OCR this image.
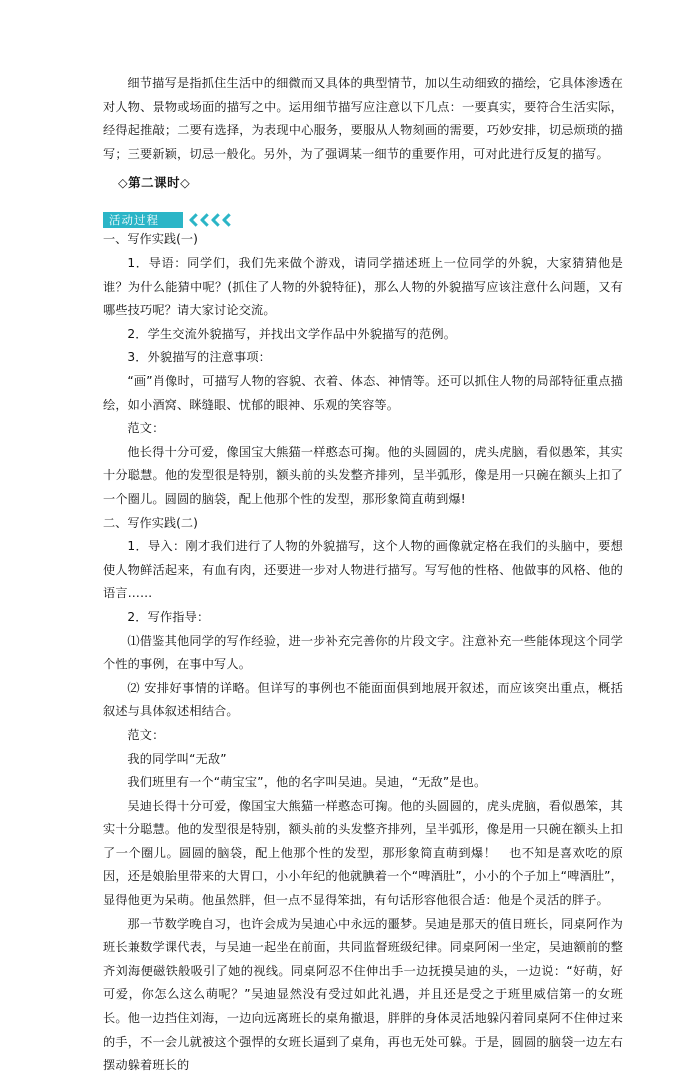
细节描写是指抓住生活中的细微而又具体的典型情节，加以生动细致的描绘，它具体渗透在对人物、景物或场面的描写之中。运用细节描写应注意以下几点：一要真实，要符合生活实际，经得起推敲；二要有选择，为表现中心服务，要服从人物刻画的需要，巧妙安排，切忌烦琐的描写；三要新颖，切忌一般化。另外，为了强调某一细节的重要作用，可对此进行反复的描写。

◇第二课时◇

活动过程

一、写作实践(一)

1．导语：同学们，我们先来做个游戏，请同学描述班上一位同学的外貌，大家猜猜他是谁？为什么能猜中呢？(抓住了人物的外貌特征)，那么人物的外貌描写应该注意什么问题，又有哪些技巧呢？请大家讨论交流。

2．学生交流外貌描写，并找出文学作品中外貌描写的范例。

3．外貌描写的注意事项：

“画”肖像时，可描写人物的容貌、衣着、体态、神情等。还可以抓住人物的局部特征重点描绘，如小酒窝、眯缝眼、忧郁的眼神、乐观的笑容等。

范文：

他长得十分可爱，像国宝大熊猫一样憨态可掬。他的头圆圆的，虎头虎脑，看似愚笨，其实十分聪慧。他的发型很是特别，额头前的头发整齐排列，呈半弧形，像是用一只碗在额头上扣了一个圈儿。圆圆的脑袋，配上他那个性的发型，那形象简直萌到爆!

二、写作实践(二)

1．导入：刚才我们进行了人物的外貌描写，这个人物的画像就定格在我们的头脑中，要想使人物鲜活起来，有血有肉，还要进一步对人物进行描写。写写他的性格、他做事的风格、他的语言……

2．写作指导：

⑴借鉴其他同学的写作经验，进一步补充完善你的片段文字。注意补充一些能体现这个同学个性的事例，在事中写人。

⑵ 安排好事情的详略。但详写的事例也不能面面俱到地展开叙述，而应该突出重点，概括叙述与具体叙述相结合。

范文：

我的同学叫“无敌”

我们班里有一个“萌宝宝”，他的名字叫吴迪。吴迪，“无敌”是也。

吴迪长得十分可爱，像国宝大熊猫一样憨态可掬。他的头圆圆的，虎头虎脑，看似愚笨，其实十分聪慧。他的发型很是特别，额头前的头发整齐排列，呈半弧形，像是用一只碗在额头上扣了一个圈儿。圆圆的脑袋，配上他那个性的发型，那形象简直萌到爆！　也不知是喜欢吃的原因，还是娘胎里带来的大胃口，小小年纪的他就腆着一个“啤酒肚”，小小的个子加上“啤酒肚”，显得他更为呆萌。他虽然胖，但一点不显得笨拙，有句话形容他很合适：他是个灵活的胖子。

那一节数学晚自习，也许会成为吴迪心中永远的噩梦。吴迪是那天的值日班长，同桌阿作为班长兼数学课代表，与吴迪一起坐在前面，共同监督班级纪律。同桌阿闲一坐定，吴迪额前的整齐刘海便磁铁般吸引了她的视线。同桌阿忍不住伸出手一边抚摸吴迪的头，一边说：“好萌，好可爱，你怎么这么萌呢？”吴迪显然没有受过如此礼遇，并且还是受之于班里威信第一的女班长。他一边挡住刘海，一边向远离班长的桌角撤退，胖胖的身体灵活地躲闪着同桌阿不住伸过来的手，不一会儿就被这个强悍的女班长逼到了桌角，再也无处可躲。于是，圆圆的脑袋一边左右摆动躲着班长的
